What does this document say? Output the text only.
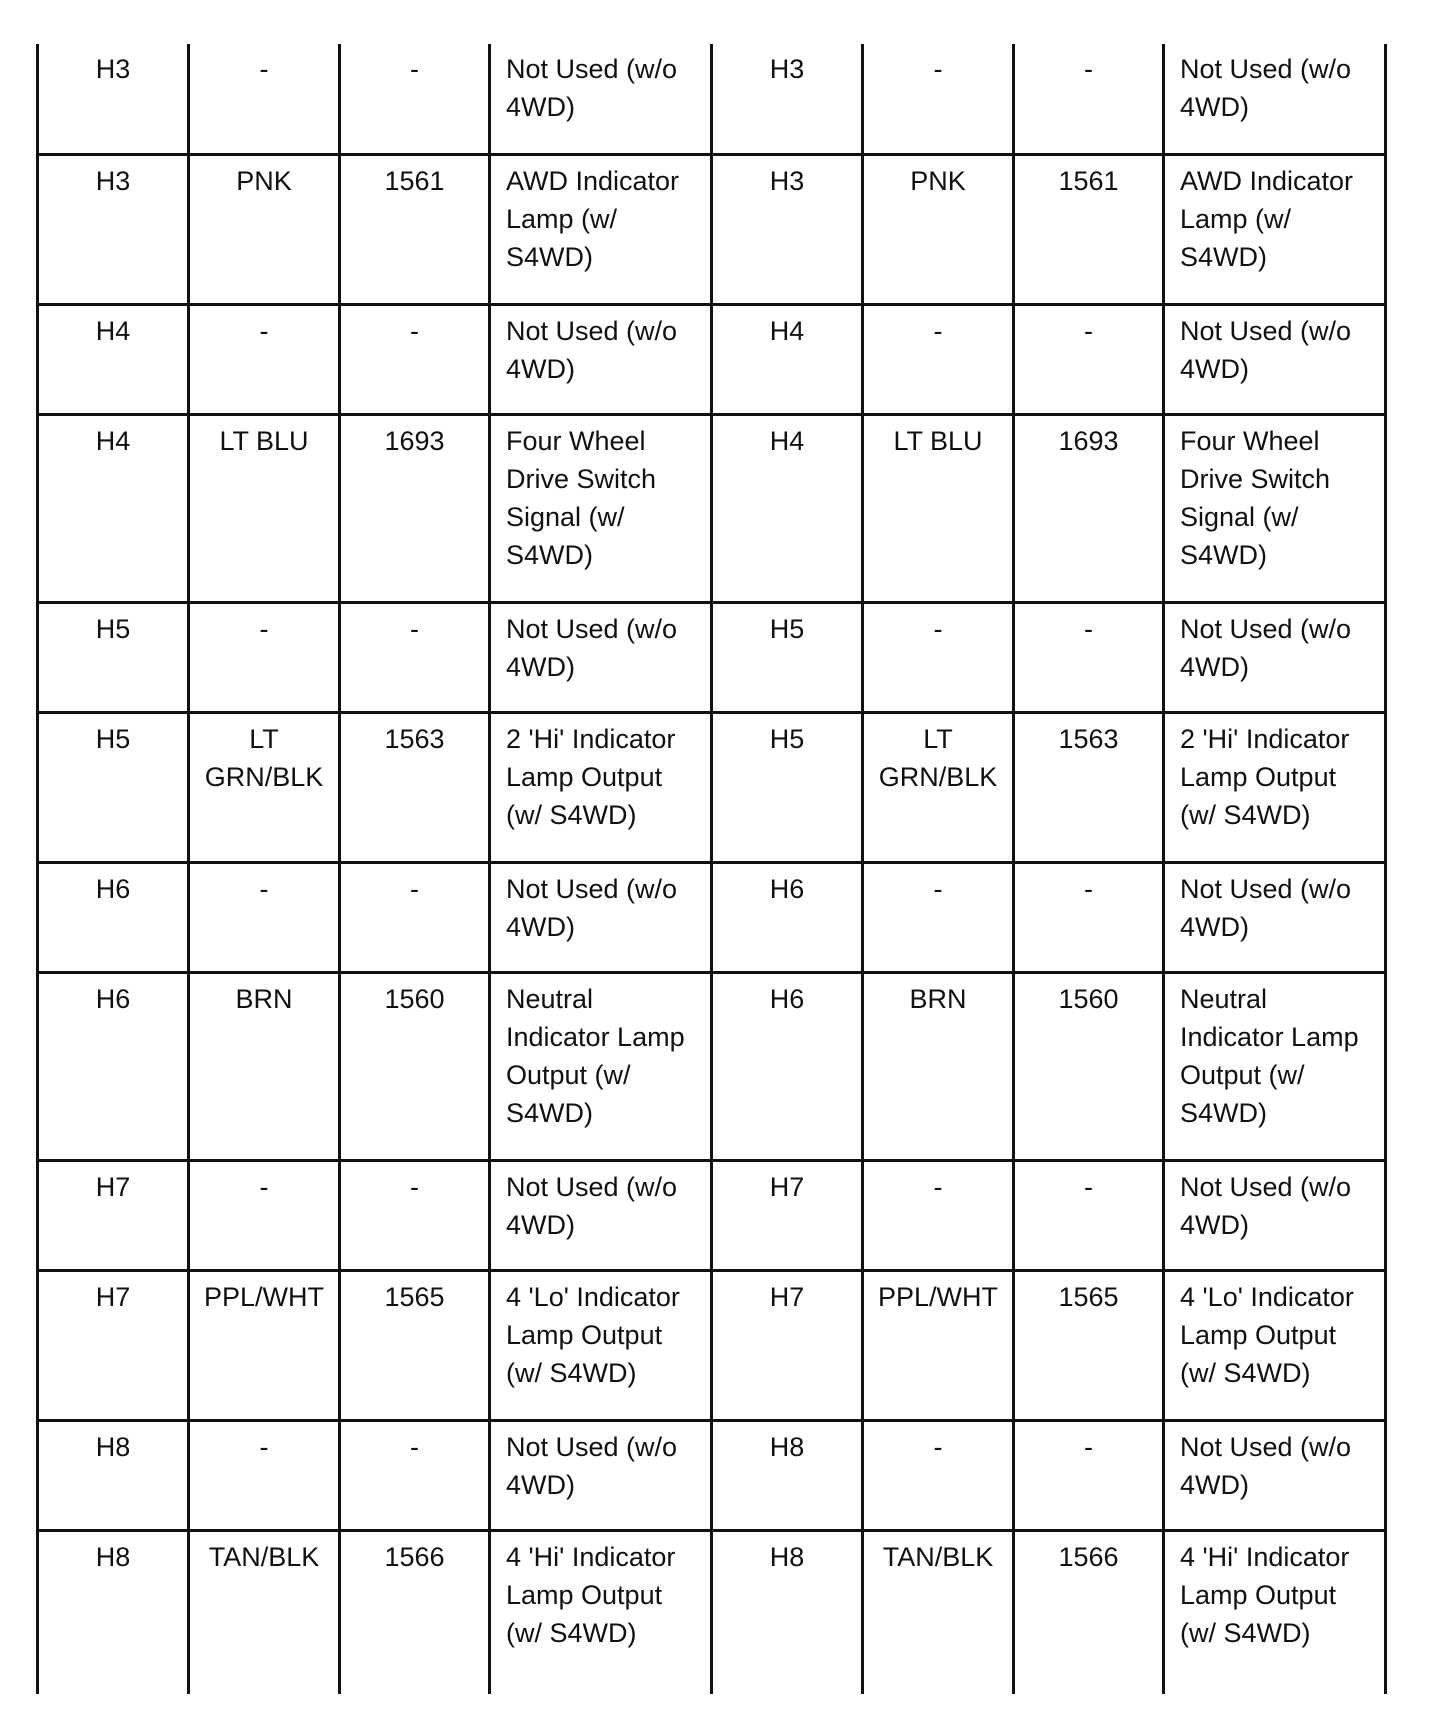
H3	-	-	Not Used (w/o 4WD)	H3	-	-	Not Used (w/o 4WD)
H3	PNK	1561	AWD Indicator Lamp (w/ S4WD)	H3	PNK	1561	AWD Indicator Lamp (w/ S4WD)
H4	-	-	Not Used (w/o 4WD)	H4	-	-	Not Used (w/o 4WD)
H4	LT BLU	1693	Four Wheel Drive Switch Signal (w/ S4WD)	H4	LT BLU	1693	Four Wheel Drive Switch Signal (w/ S4WD)
H5	-	-	Not Used (w/o 4WD)	H5	-	-	Not Used (w/o 4WD)
H5	LT GRN/BLK	1563	2 'Hi' Indicator Lamp Output (w/ S4WD)	H5	LT GRN/BLK	1563	2 'Hi' Indicator Lamp Output (w/ S4WD)
H6	-	-	Not Used (w/o 4WD)	H6	-	-	Not Used (w/o 4WD)
H6	BRN	1560	Neutral Indicator Lamp Output (w/ S4WD)	H6	BRN	1560	Neutral Indicator Lamp Output (w/ S4WD)
H7	-	-	Not Used (w/o 4WD)	H7	-	-	Not Used (w/o 4WD)
H7	PPL/WHT	1565	4 'Lo' Indicator Lamp Output (w/ S4WD)	H7	PPL/WHT	1565	4 'Lo' Indicator Lamp Output (w/ S4WD)
H8	-	-	Not Used (w/o 4WD)	H8	-	-	Not Used (w/o 4WD)
H8	TAN/BLK	1566	4 'Hi' Indicator Lamp Output (w/ S4WD)	H8	TAN/BLK	1566	4 'Hi' Indicator Lamp Output (w/ S4WD)
